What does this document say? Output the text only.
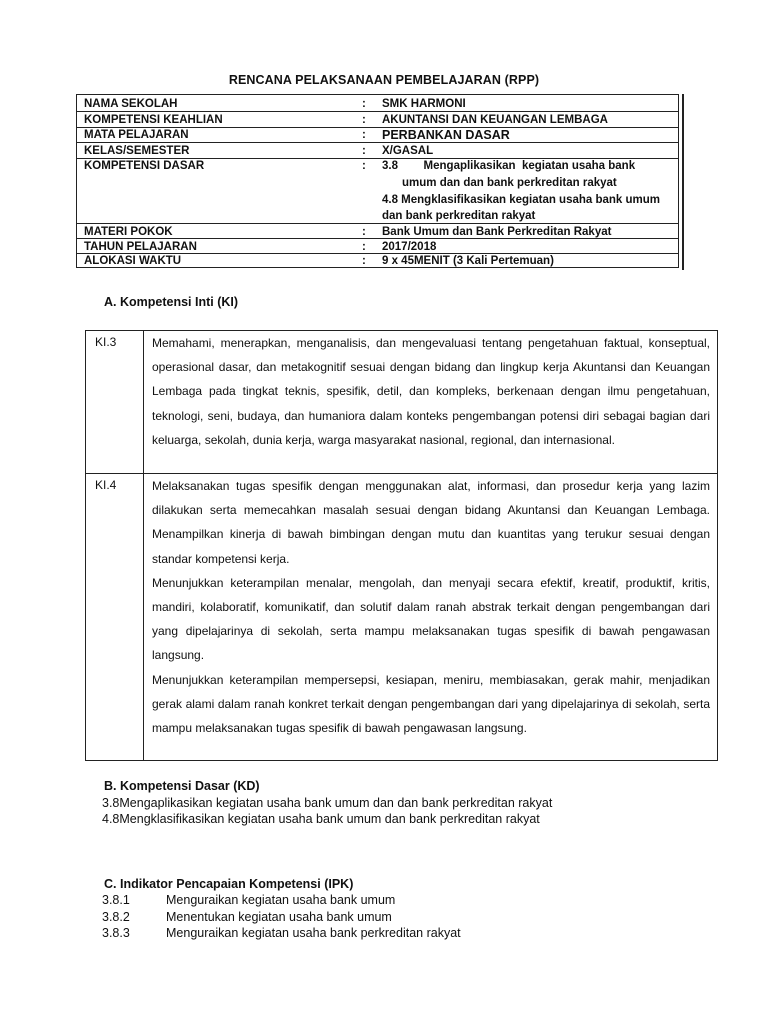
RENCANA PELAKSANAAN PEMBELAJARAN (RPP)
NAMA SEKOLAH	: SMK HARMONI
KOMPETENSI KEAHLIAN	: AKUNTANSI DAN KEUANGAN LEMBAGA
MATA PELAJARAN	: PERBANKAN DASAR
KELAS/SEMESTER	: X/GASAL
KOMPETENSI DASAR	: 3.8        Mengaplikasikan  kegiatan usaha bank
umum dan dan bank perkreditan rakyat
4.8 Mengklasifikasikan kegiatan usaha bank umum
dan bank perkreditan rakyat
MATERI POKOK	: Bank Umum dan Bank Perkreditan Rakyat
TAHUN PELAJARAN	: 2017/2018
ALOKASI WAKTU	: 9 x 45MENIT (3 Kali Pertemuan)
A. Kompetensi Inti (KI)
KI.3	Memahami, menerapkan, menganalisis, dan mengevaluasi tentang pengetahuan faktual, konseptual, operasional dasar, dan metakognitif sesuai dengan bidang dan lingkup kerja Akuntansi dan Keuangan Lembaga pada tingkat teknis, spesifik, detil, dan kompleks, berkenaan dengan ilmu pengetahuan, teknologi, seni, budaya, dan humaniora dalam konteks pengembangan potensi diri sebagai bagian dari keluarga, sekolah, dunia kerja, warga masyarakat nasional, regional, dan internasional.

KI.4	Melaksanakan tugas spesifik dengan menggunakan alat, informasi, dan prosedur kerja yang lazim dilakukan serta memecahkan masalah sesuai dengan bidang Akuntansi dan Keuangan Lembaga. Menampilkan kinerja di bawah bimbingan dengan mutu dan kuantitas yang terukur sesuai dengan standar kompetensi kerja.

Menunjukkan keterampilan menalar, mengolah, dan menyaji secara efektif, kreatif, produktif, kritis, mandiri, kolaboratif, komunikatif, dan solutif dalam ranah abstrak terkait dengan pengembangan dari yang dipelajarinya di sekolah, serta mampu melaksanakan tugas spesifik di bawah pengawasan langsung.

Menunjukkan keterampilan mempersepsi, kesiapan, meniru, membiasakan, gerak mahir, menjadikan gerak alami dalam ranah konkret terkait dengan pengembangan dari yang dipelajarinya di sekolah, serta mampu melaksanakan tugas spesifik di bawah pengawasan langsung.

B. Kompetensi Dasar (KD)
3.8Mengaplikasikan kegiatan usaha bank umum dan dan bank perkreditan rakyat
4.8Mengklasifikasikan kegiatan usaha bank umum dan bank perkreditan rakyat
C. Indikator Pencapaian Kompetensi (IPK)
3.8.1	Menguraikan kegiatan usaha bank umum
3.8.2	Menentukan kegiatan usaha bank umum
3.8.3	Menguraikan kegiatan usaha bank perkreditan rakyat
